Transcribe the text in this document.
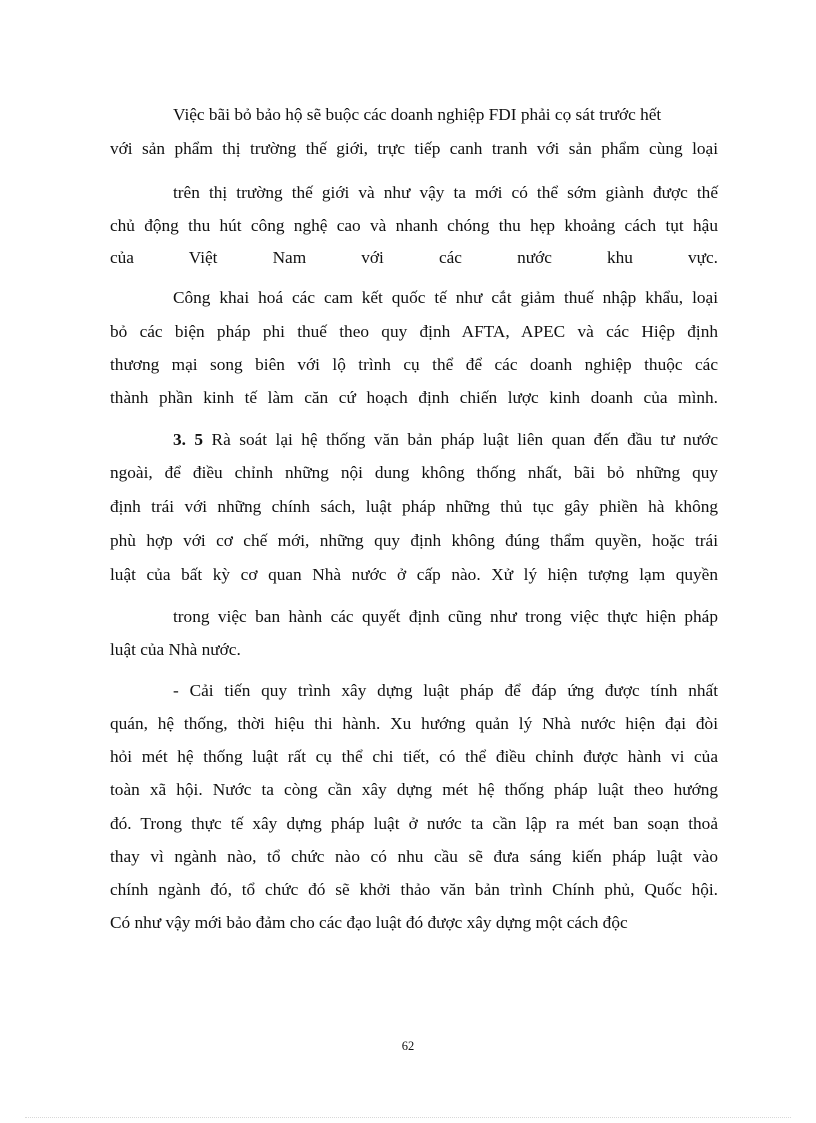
Việc bãi bỏ bảo hộ sẽ buộc các doanh nghiệp FDI phải cọ sát trước hết
với sản phẩm thị trường thế giới, trực tiếp canh tranh với sản phẩm cùng loại
trên thị trường thế giới và như vậy ta mới có thể sớm giành được thế
chủ động thu hút công nghệ cao và nhanh chóng thu hẹp khoảng cách tụt hậu
của Việt Nam với các nước khu vực.
Công khai hoá các cam kết quốc tế như cắt giảm thuế nhập khẩu, loại
bỏ các biện pháp phi thuế theo quy định AFTA, APEC và các Hiệp định
thương mại song biên với lộ trình cụ thể để các doanh nghiệp thuộc các
thành phần kinh tế làm căn cứ hoạch định chiến lược kinh doanh của mình.
3. 5 Rà soát lại hệ thống văn bản pháp luật liên quan đến đầu tư nước
ngoài, để điều chỉnh những nội dung không thống nhất, bãi bỏ những quy
định trái với những chính sách, luật pháp những thủ tục gây phiền hà không
phù hợp với cơ chế mới, những quy định không đúng thẩm quyền, hoặc trái
luật của bất kỳ cơ quan Nhà nước ở cấp nào. Xử lý hiện tượng lạm quyền
trong việc ban hành các quyết định cũng như trong việc thực hiện pháp
luật của Nhà nước.
- Cải tiến quy trình xây dựng luật pháp để đáp ứng được tính nhất
quán, hệ thống, thời hiệu thi hành. Xu hướng quản lý Nhà nước hiện đại đòi
hỏi mét hệ thống luật rất cụ thể chi tiết, có thể điều chỉnh được hành vi của
toàn xã hội. Nước ta còng cần xây dựng mét hệ thống pháp luật theo hướng
đó. Trong thực tế xây dựng pháp luật ở nước ta cần lập ra mét ban soạn thoả
thay vì ngành nào, tổ chức nào có nhu cầu sẽ đưa sáng kiến pháp luật vào
chính ngành đó, tổ chức đó sẽ khởi thảo văn bản trình Chính phủ, Quốc hội.
Có như vậy mới bảo đảm cho các đạo luật đó được xây dựng một cách độc
62
